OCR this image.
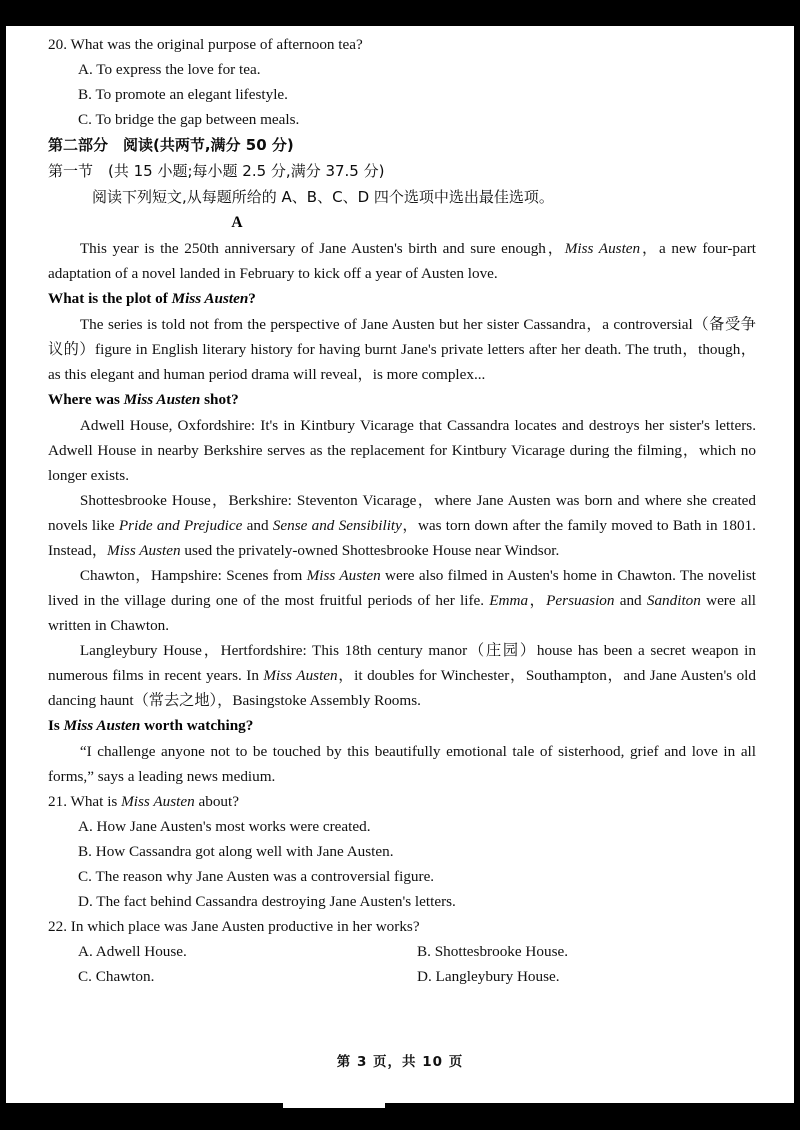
20. What was the original purpose of afternoon tea?
A. To express the love for tea.
B. To promote an elegant lifestyle.
C. To bridge the gap between meals.
第二部分　阅读(共两节,满分 50 分)
第一节　(共 15 小题;每小题 2.5 分,满分 37.5 分)
阅读下列短文,从每题所给的 A、B、C、D 四个选项中选出最佳选项。
A

This year is the 250th anniversary of Jane Austen's birth and sure enough，Miss Austen，a new four-part adaptation of a novel landed in February to kick off a year of Austen love.

What is the plot of Miss Austen?

The series is told not from the perspective of Jane Austen but her sister Cassandra，a controversial（备受争议的）figure in English literary history for having burnt Jane's private letters after her death. The truth，though，as this elegant and human period drama will reveal，is more complex...

Where was Miss Austen shot?

Adwell House, Oxfordshire: It's in Kintbury Vicarage that Cassandra locates and destroys her sister's letters. Adwell House in nearby Berkshire serves as the replacement for Kintbury Vicarage during the filming，which no longer exists.

Shottesbrooke House，Berkshire: Steventon Vicarage，where Jane Austen was born and where she created novels like Pride and Prejudice and Sense and Sensibility，was torn down after the family moved to Bath in 1801. Instead，Miss Austen used the privately-owned Shottesbrooke House near Windsor.

Chawton，Hampshire: Scenes from Miss Austen were also filmed in Austen's home in Chawton. The novelist lived in the village during one of the most fruitful periods of her life. Emma，Persuasion and Sanditon were all written in Chawton.

Langleybury House，Hertfordshire: This 18th century manor（庄园）house has been a secret weapon in numerous films in recent years. In Miss Austen，it doubles for Winchester，Southampton，and Jane Austen's old dancing haunt（常去之地），Basingstoke Assembly Rooms.

Is Miss Austen worth watching?

“I challenge anyone not to be touched by this beautifully emotional tale of sisterhood, grief and love in all forms,” says a leading news medium.

21. What is Miss Austen about?
A. How Jane Austen's most works were created.
B. How Cassandra got along well with Jane Austen.
C. The reason why Jane Austen was a controversial figure.
D. The fact behind Cassandra destroying Jane Austen's letters.
22. In which place was Jane Austen productive in her works?
A. Adwell House.	B. Shottesbrooke House.
C. Chawton.	D. Langleybury House.
第 3 页，共 10 页
